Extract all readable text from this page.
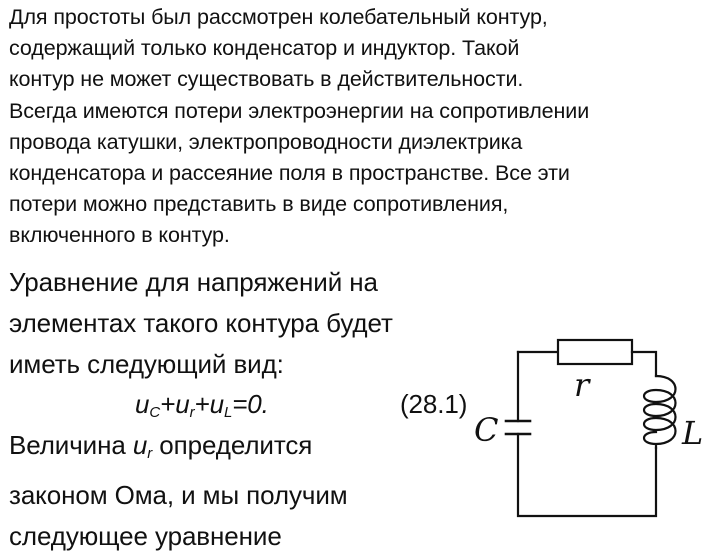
Для простоты был рассмотрен колебательный контур,
содержащий только конденсатор и индуктор. Такой
контур не может существовать в действительности.
Всегда имеются потери электроэнергии на сопротивлении
провода катушки, электропроводности диэлектрика
конденсатора и рассеяние поля в пространстве. Все эти
потери можно представить в виде сопротивления,
включенного в контур.
Уравнение для напряжений на
элементах такого контура будет
иметь следующий вид:
$u_C+u_r+u_L=0$.	(28.1)
Величина $u_r$ определится
законом Ома, и мы получим
следующее уравнение
r
C	L
